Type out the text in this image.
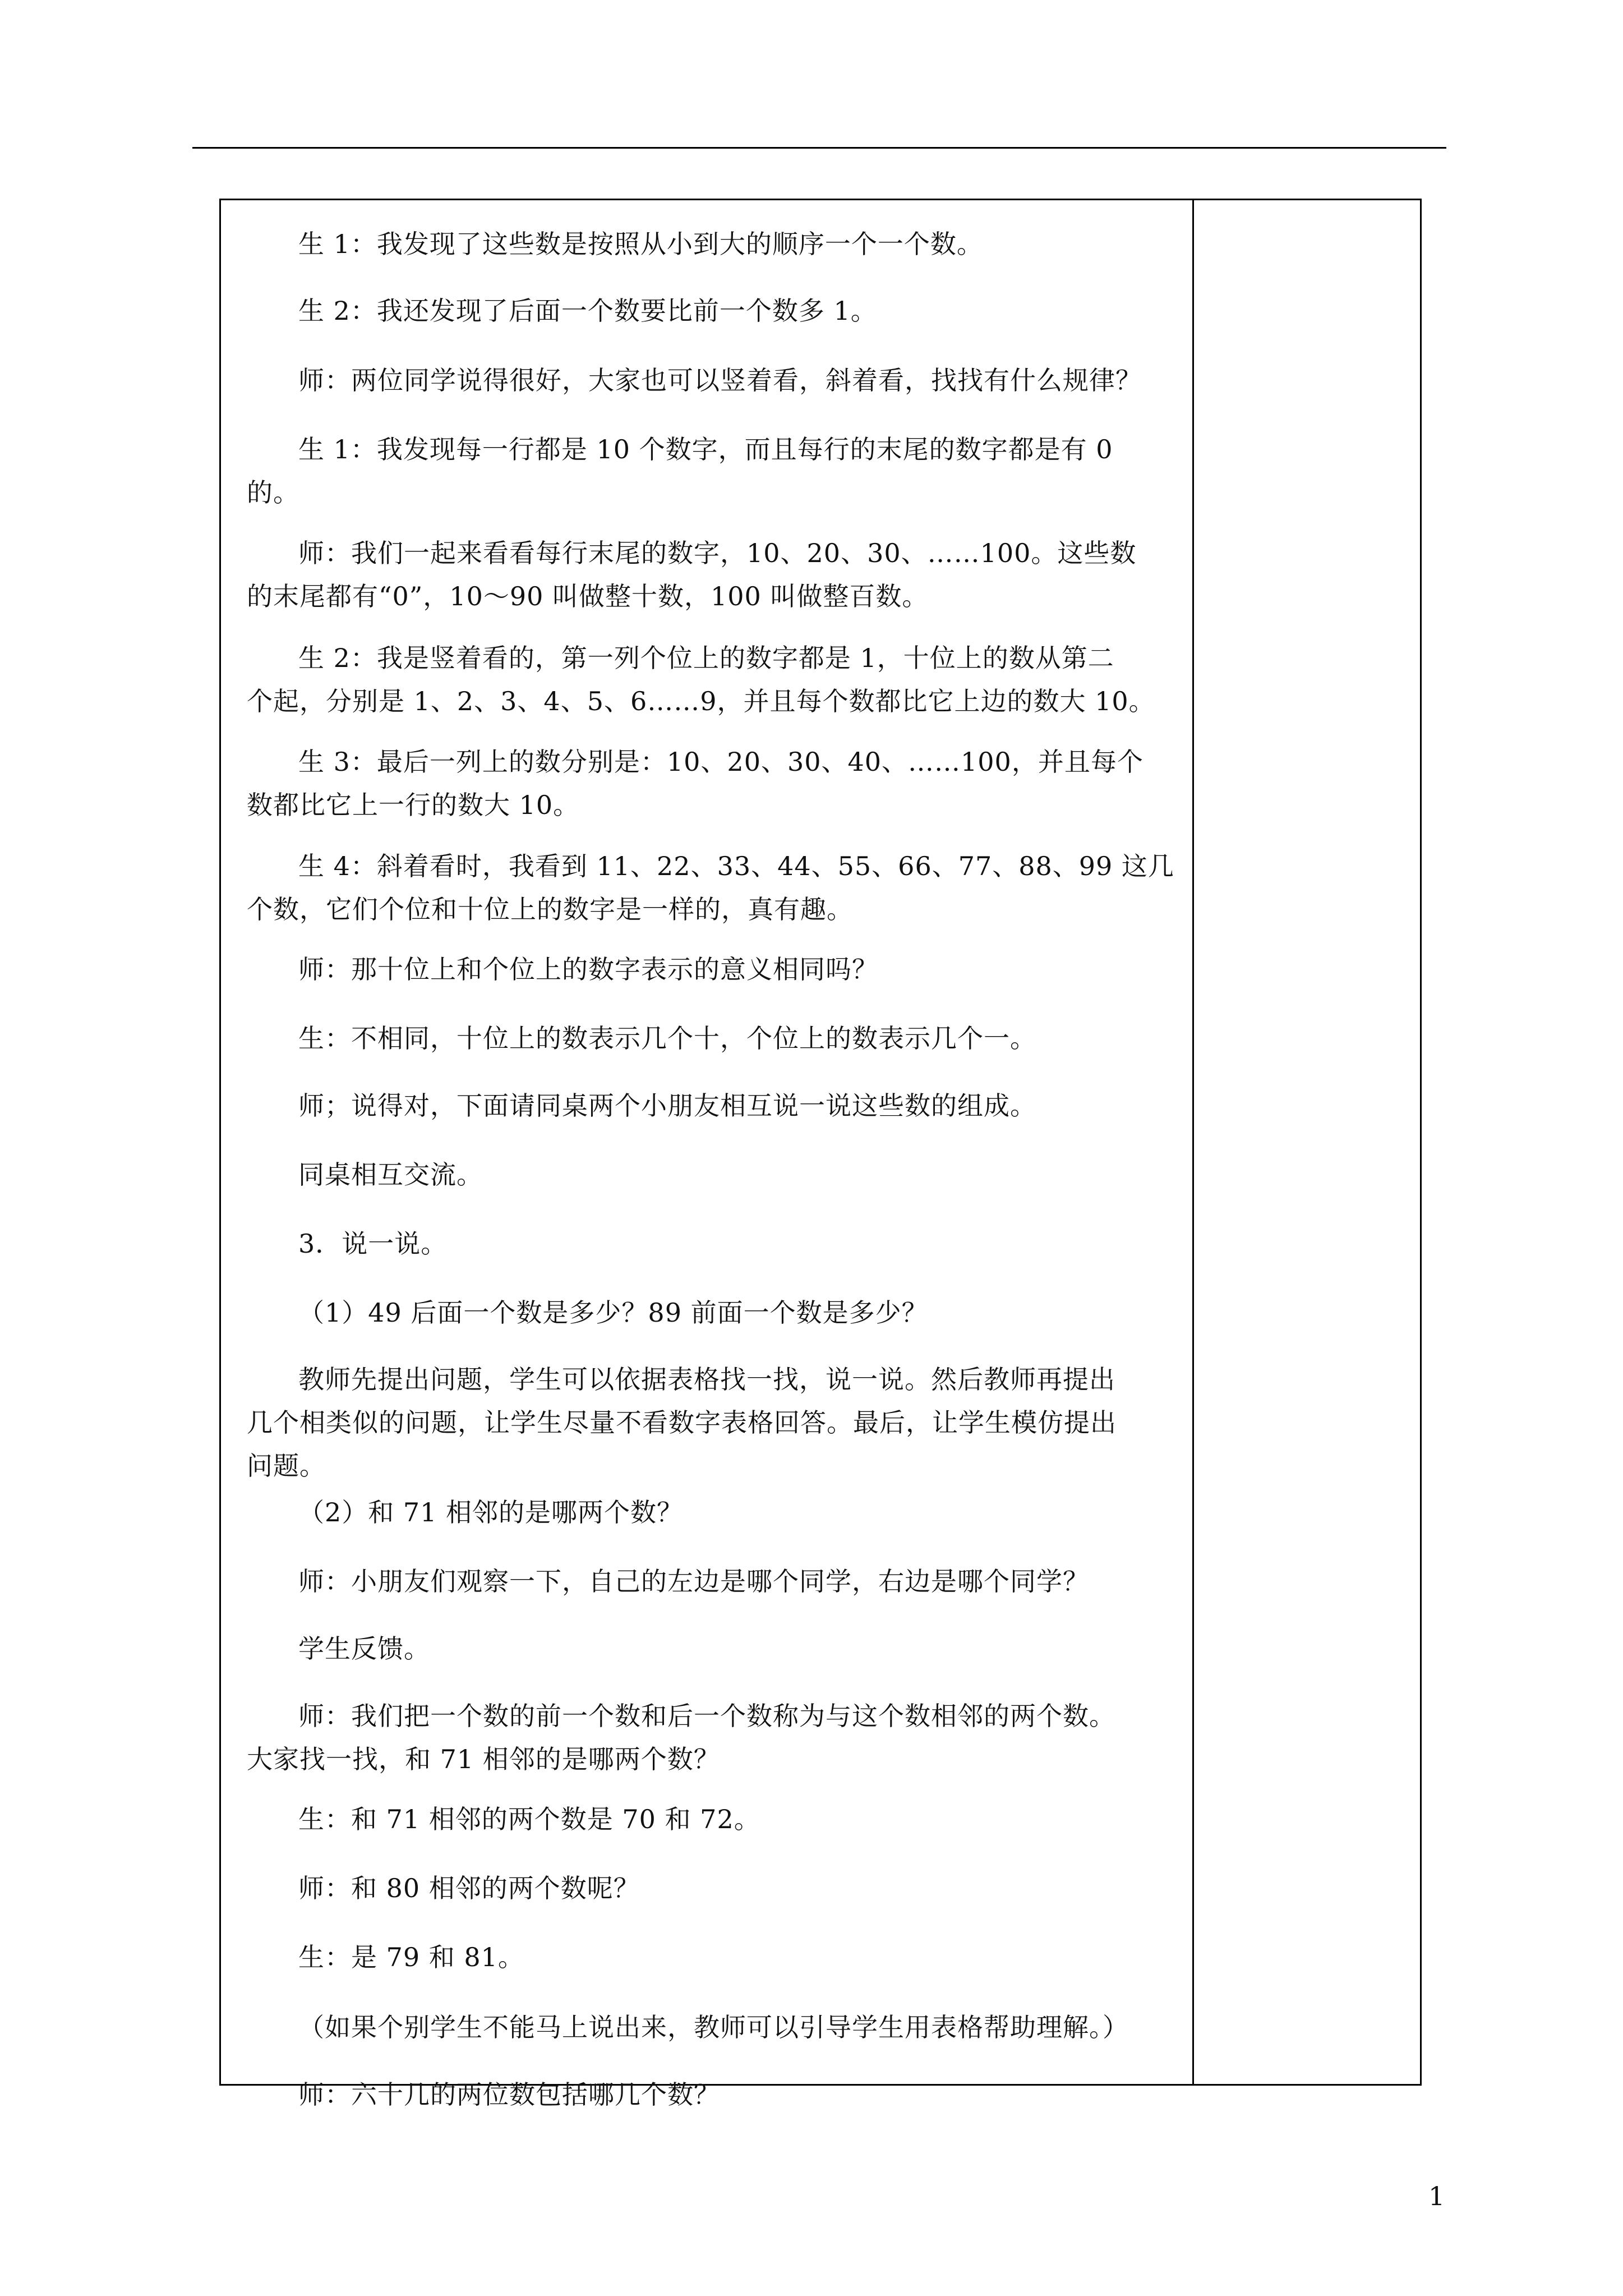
生 1：我发现了这些数是按照从小到大的顺序一个一个数。
生 2：我还发现了后面一个数要比前一个数多 1。
师：两位同学说得很好，大家也可以竖着看，斜着看，找找有什么规律？
生 1：我发现每一行都是 10 个数字，而且每行的末尾的数字都是有 0
的。
师：我们一起来看看每行末尾的数字，10、20、30、……100。这些数
的末尾都有“0”，10～90 叫做整十数，100 叫做整百数。
生 2：我是竖着看的，第一列个位上的数字都是 1，十位上的数从第二
个起，分别是 1、2、3、4、5、6……9，并且每个数都比它上边的数大 10。
生 3：最后一列上的数分别是：10、20、30、40、……100，并且每个
数都比它上一行的数大 10。
生 4：斜着看时，我看到 11、22、33、44、55、66、77、88、99 这几
个数，它们个位和十位上的数字是一样的，真有趣。
师：那十位上和个位上的数字表示的意义相同吗？
生：不相同，十位上的数表示几个十，个位上的数表示几个一。
师；说得对，下面请同桌两个小朋友相互说一说这些数的组成。
同桌相互交流。
3．说一说。
（1）49 后面一个数是多少？89 前面一个数是多少？
教师先提出问题，学生可以依据表格找一找，说一说。然后教师再提出
几个相类似的问题，让学生尽量不看数字表格回答。最后，让学生模仿提出
问题。
（2）和 71 相邻的是哪两个数？
师：小朋友们观察一下，自己的左边是哪个同学，右边是哪个同学？
学生反馈。
师：我们把一个数的前一个数和后一个数称为与这个数相邻的两个数。
大家找一找，和 71 相邻的是哪两个数？
生：和 71 相邻的两个数是 70 和 72。
师：和 80 相邻的两个数呢？
生：是 79 和 81。
（如果个别学生不能马上说出来，教师可以引导学生用表格帮助理解。）
师：六十几的两位数包括哪几个数？
1
